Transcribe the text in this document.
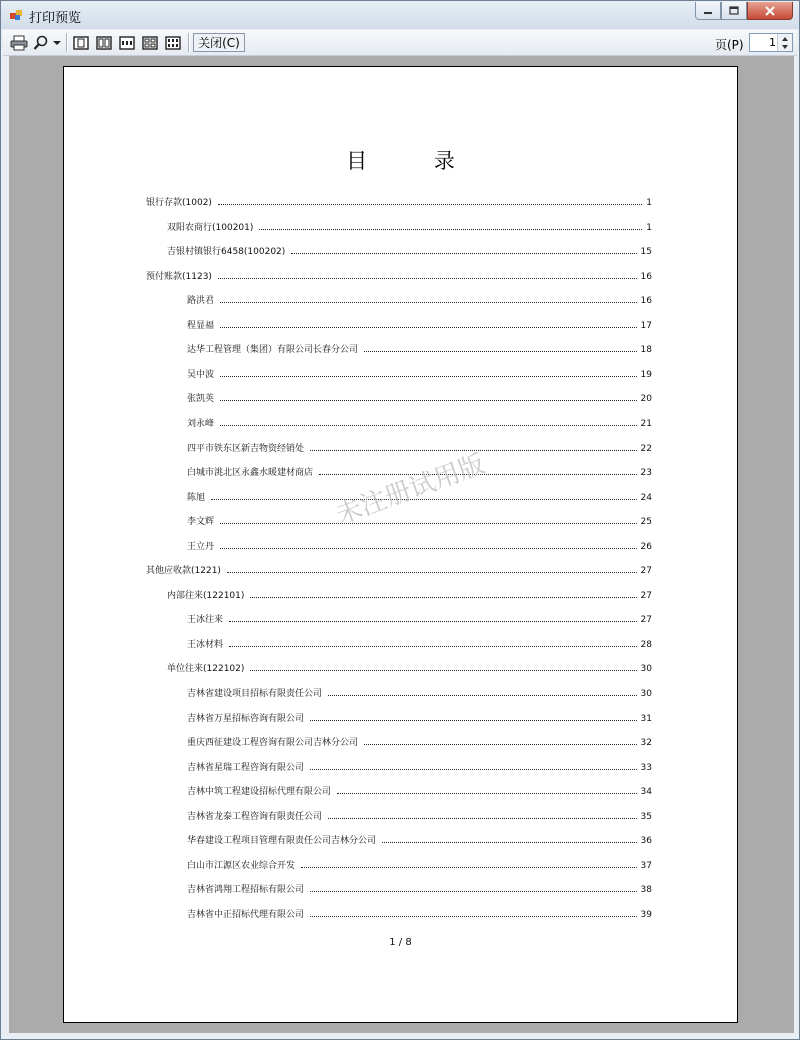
打印预览
关闭(C)	页(P) 1
目 录
银行存款(1002)	1
双阳农商行(100201)	1
吉银村镇银行6458(100202)	15
预付账款(1123)	16
路洪君	16
程显福	17
达华工程管理（集团）有限公司长春分公司	18
吴中波	19
张凯英	20
刘永峰	21
四平市铁东区新吉物资经销处	22
白城市洮北区永鑫水暖建材商店	23
陈旭	24
李文辉	25
王立丹	26
其他应收款(1221)	27
内部往来(122101)	27
王冰往来	27
王冰材料	28
单位往来(122102)	30
吉林省建设项目招标有限责任公司	30
吉林省万星招标咨询有限公司	31
重庆西征建设工程咨询有限公司吉林分公司	32
吉林省星瑞工程咨询有限公司	33
吉林中筑工程建设招标代理有限公司	34
吉林省龙泰工程咨询有限责任公司	35
华春建设工程项目管理有限责任公司吉林分公司	36
白山市江源区农业综合开发	37
吉林省鸿翔工程招标有限公司	38
吉林省中正招标代理有限公司	39
未注册试用版
1 / 8
